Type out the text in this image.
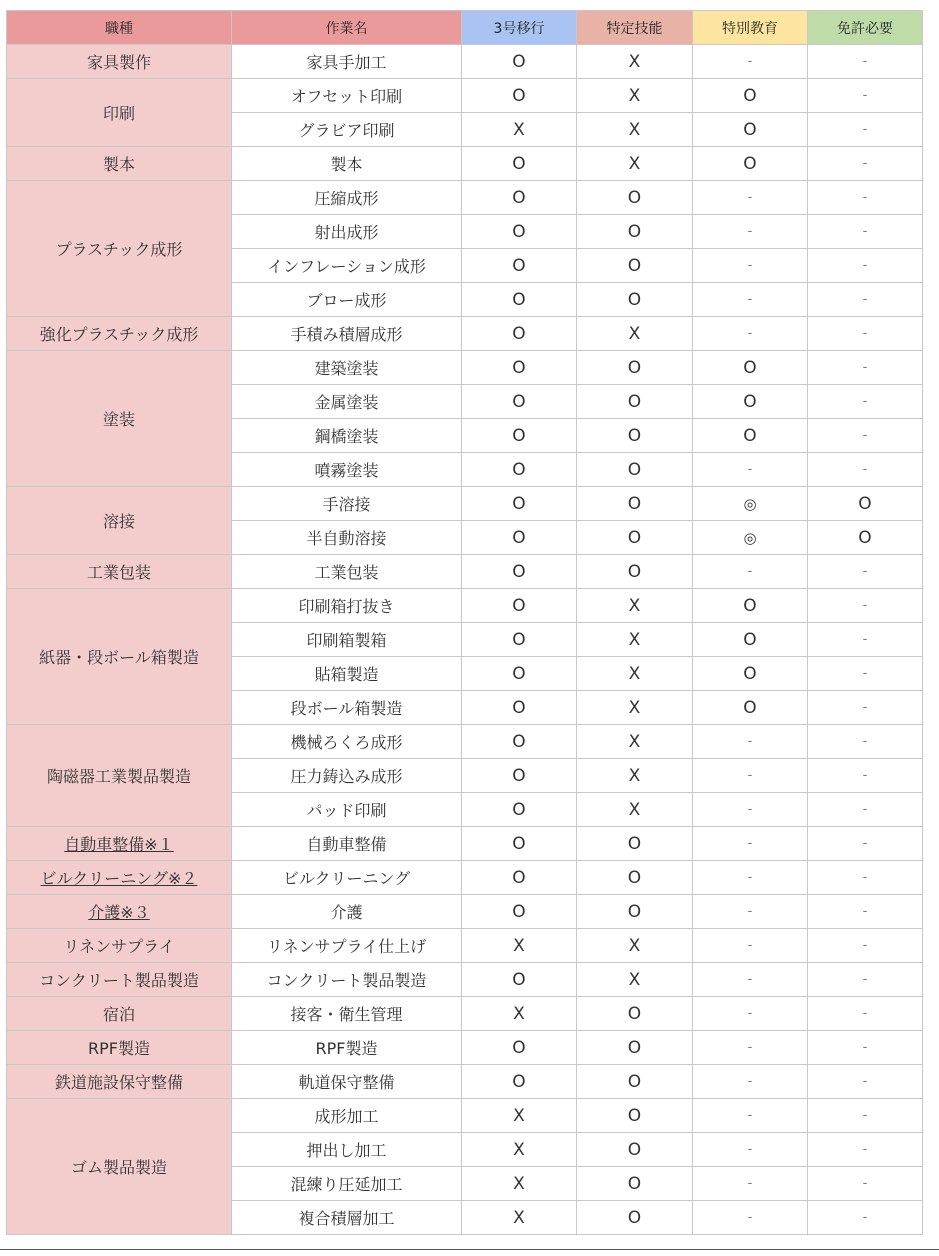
職種	作業名	3号移行	特定技能	特別教育	免許必要
家具製作	家具手加工	O	X	-	-
印刷	オフセット印刷	O	X	O	-
	グラビア印刷	X	X	O	-
製本	製本	O	X	O	-
プラスチック成形	圧縮成形	O	O	-	-
	射出成形	O	O	-	-
	インフレーション成形	O	O	-	-
	ブロー成形	O	O	-	-
強化プラスチック成形	手積み積層成形	O	X	-	-
塗装	建築塗装	O	O	O	-
	金属塗装	O	O	O	-
	鋼橋塗装	O	O	O	-
	噴霧塗装	O	O	-	-
溶接	手溶接	O	O	◎	O
	半自動溶接	O	O	◎	O
工業包装	工業包装	O	O	-	-
紙器・段ボール箱製造	印刷箱打抜き	O	X	O	-
	印刷箱製箱	O	X	O	-
	貼箱製造	O	X	O	-
	段ボール箱製造	O	X	O	-
陶磁器工業製品製造	機械ろくろ成形	O	X	-	-
	圧力鋳込み成形	O	X	-	-
	パッド印刷	O	X	-	-
自動車整備※１	自動車整備	O	O	-	-
ビルクリーニング※２	ビルクリーニング	O	O	-	-
介護※３	介護	O	O	-	-
リネンサプライ	リネンサプライ仕上げ	X	X	-	-
コンクリート製品製造	コンクリート製品製造	O	X	-	-
宿泊	接客・衛生管理	X	O	-	-
RPF製造	RPF製造	O	O	-	-
鉄道施設保守整備	軌道保守整備	O	O	-	-
ゴム製品製造	成形加工	X	O	-	-
	押出し加工	X	O	-	-
	混練り圧延加工	X	O	-	-
	複合積層加工	X	O	-	-
